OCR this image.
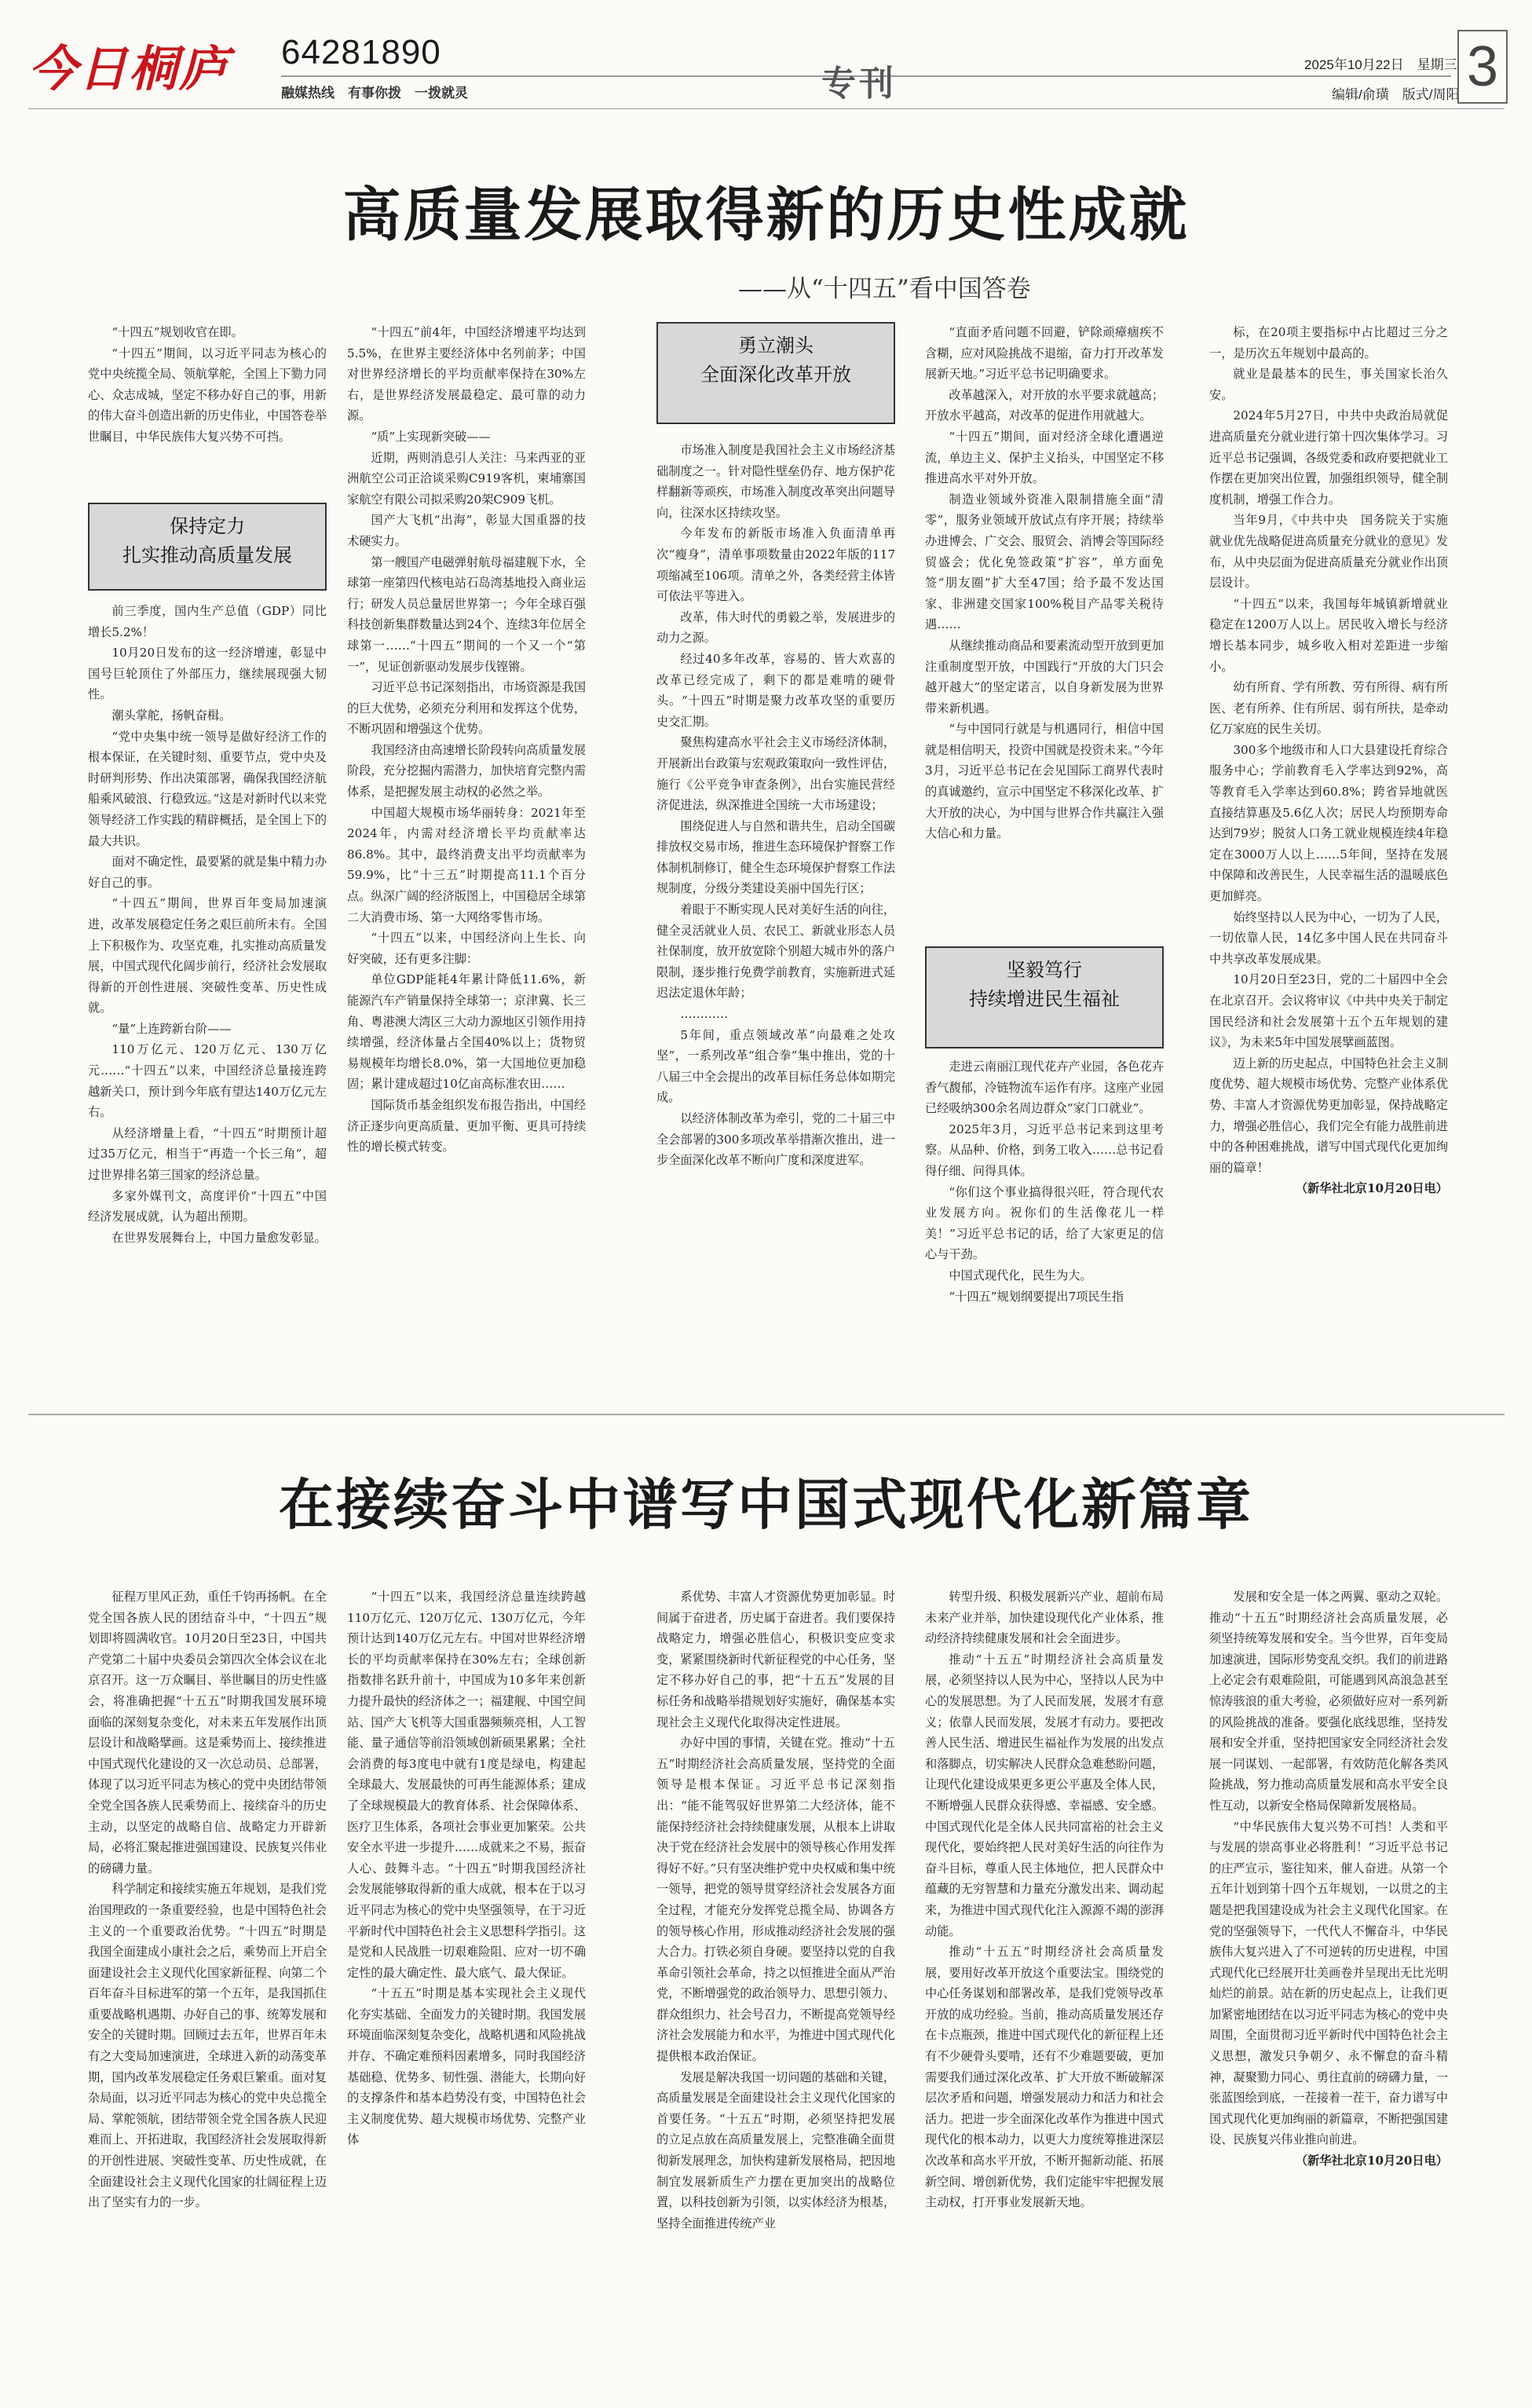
今日桐庐 64281890
融媒热线　有事你拨　一拨就灵	专刊	2025年10月22日　星期三
编辑/俞璜　版式/周阳 3
高质量发展取得新的历史性成就
——从“十四五”看中国答卷

“十四五”规划收官在即。

“十四五”期间，以习近平同志为核心的党中央统揽全局、领航掌舵，全国上下勠力同心、众志成城，坚定不移办好自己的事，用新的伟大奋斗创造出新的历史伟业，中国答卷举世瞩目，中华民族伟大复兴势不可挡。

保持定力
扎实推动高质量发展

前三季度，国内生产总值（GDP）同比增长5.2%！

10月20日发布的这一经济增速，彰显中国号巨轮顶住了外部压力，继续展现强大韧性。

潮头掌舵，扬帆奋楫。

“党中央集中统一领导是做好经济工作的根本保证，在关键时刻、重要节点，党中央及时研判形势、作出决策部署，确保我国经济航船乘风破浪、行稳致远。”这是对新时代以来党领导经济工作实践的精辟概括，是全国上下的最大共识。

面对不确定性，最要紧的就是集中精力办好自己的事。

“十四五”期间，世界百年变局加速演进，改革发展稳定任务之艰巨前所未有。全国上下积极作为、攻坚克难，扎实推动高质量发展，中国式现代化阔步前行，经济社会发展取得新的开创性进展、突破性变革、历史性成就。

“量”上连跨新台阶——

110万亿元、120万亿元、130万亿元……“十四五”以来，中国经济总量接连跨越新关口，预计到今年底有望达140万亿元左右。

从经济增量上看，“十四五”时期预计超过35万亿元，相当于“再造一个长三角”，超过世界排名第三国家的经济总量。

多家外媒刊文，高度评价“十四五”中国经济发展成就，认为超出预期。

在世界发展舞台上，中国力量愈发彰显。

“十四五”前4年，中国经济增速平均达到5.5%，在世界主要经济体中名列前茅；中国对世界经济增长的平均贡献率保持在30%左右，是世界经济发展最稳定、最可靠的动力源。

“质”上实现新突破——

近期，两则消息引人关注：马来西亚的亚洲航空公司正洽谈采购C919客机，柬埔寨国家航空有限公司拟采购20架C909飞机。

国产大飞机“出海”，彰显大国重器的技术硬实力。

第一艘国产电磁弹射航母福建舰下水，全球第一座第四代核电站石岛湾基地投入商业运行；研发人员总量居世界第一；今年全球百强科技创新集群数量达到24个、连续3年位居全球第一……“十四五”期间的一个又一个“第一”，见证创新驱动发展步伐铿锵。

习近平总书记深刻指出，市场资源是我国的巨大优势，必须充分利用和发挥这个优势，不断巩固和增强这个优势。

我国经济由高速增长阶段转向高质量发展阶段，充分挖掘内需潜力，加快培育完整内需体系，是把握发展主动权的必然之举。

中国超大规模市场华丽转身：2021年至2024年，内需对经济增长平均贡献率达86.8%。其中，最终消费支出平均贡献率为59.9%，比“十三五”时期提高11.1个百分点。纵深广阔的经济版图上，中国稳居全球第二大消费市场、第一大网络零售市场。

“十四五”以来，中国经济向上生长、向好突破，还有更多注脚：

单位GDP能耗4年累计降低11.6%，新能源汽车产销量保持全球第一；京津冀、长三角、粤港澳大湾区三大动力源地区引领作用持续增强，经济体量占全国40%以上；货物贸易规模年均增长8.0%，第一大国地位更加稳固；累计建成超过10亿亩高标准农田……

国际货币基金组织发布报告指出，中国经济正逐步向更高质量、更加平衡、更具可持续性的增长模式转变。

勇立潮头
全面深化改革开放

市场准入制度是我国社会主义市场经济基础制度之一。针对隐性壁垒仍存、地方保护花样翻新等顽疾，市场准入制度改革突出问题导向，往深水区持续攻坚。

今年发布的新版市场准入负面清单再次“瘦身”，清单事项数量由2022年版的117项缩减至106项。清单之外，各类经营主体皆可依法平等进入。

改革，伟大时代的勇毅之举，发展进步的动力之源。

经过40多年改革，容易的、皆大欢喜的改革已经完成了，剩下的都是难啃的硬骨头。“十四五”时期是聚力改革攻坚的重要历史交汇期。

聚焦构建高水平社会主义市场经济体制，开展新出台政策与宏观政策取向一致性评估，施行《公平竞争审查条例》，出台实施民营经济促进法，纵深推进全国统一大市场建设；

围绕促进人与自然和谐共生，启动全国碳排放权交易市场，推进生态环境保护督察工作体制机制修订，健全生态环境保护督察工作法规制度，分级分类建设美丽中国先行区；

着眼于不断实现人民对美好生活的向往，健全灵活就业人员、农民工、新就业形态人员社保制度，放开放宽除个别超大城市外的落户限制，逐步推行免费学前教育，实施新进式延迟法定退休年龄；

…………

5年间，重点领域改革“向最难之处攻坚”，一系列改革“组合拳”集中推出，党的十八届三中全会提出的改革目标任务总体如期完成。

以经济体制改革为牵引，党的二十届三中全会部署的300多项改革举措渐次推出，进一步全面深化改革不断向广度和深度进军。

“直面矛盾问题不回避，铲除顽瘴痼疾不含糊，应对风险挑战不退缩，奋力打开改革发展新天地。”习近平总书记明确要求。

改革越深入，对开放的水平要求就越高；开放水平越高，对改革的促进作用就越大。

“十四五”期间，面对经济全球化遭遇逆流，单边主义、保护主义抬头，中国坚定不移推进高水平对外开放。

制造业领域外资准入限制措施全面“清零”，服务业领域开放试点有序开展；持续举办进博会、广交会、服贸会、消博会等国际经贸盛会；优化免签政策“扩容”，单方面免签“朋友圈”扩大至47国；给予最不发达国家、非洲建交国家100%税目产品零关税待遇……

从继续推动商品和要素流动型开放到更加注重制度型开放，中国践行“开放的大门只会越开越大”的坚定诺言，以自身新发展为世界带来新机遇。

“与中国同行就是与机遇同行，相信中国就是相信明天，投资中国就是投资未来。”今年3月，习近平总书记在会见国际工商界代表时的真诚邀约，宣示中国坚定不移深化改革、扩大开放的决心，为中国与世界合作共赢注入强大信心和力量。

坚毅笃行
持续增进民生福祉

走进云南丽江现代花卉产业园，各色花卉香气馥郁，冷链物流车运作有序。这座产业园已经吸纳300余名周边群众“家门口就业”。

2025年3月，习近平总书记来到这里考察。从品种、价格，到务工收入……总书记看得仔细、问得具体。

“你们这个事业搞得很兴旺，符合现代农业发展方向。祝你们的生活像花儿一样美！”习近平总书记的话，给了大家更足的信心与干劲。

中国式现代化，民生为大。

“十四五”规划纲要提出7项民生指

标，在20项主要指标中占比超过三分之一，是历次五年规划中最高的。

就业是最基本的民生，事关国家长治久安。

2024年5月27日，中共中央政治局就促进高质量充分就业进行第十四次集体学习。习近平总书记强调，各级党委和政府要把就业工作摆在更加突出位置，加强组织领导，健全制度机制，增强工作合力。

当年9月，《中共中央　国务院关于实施就业优先战略促进高质量充分就业的意见》发布，从中央层面为促进高质量充分就业作出顶层设计。

“十四五”以来，我国每年城镇新增就业稳定在1200万人以上。居民收入增长与经济增长基本同步，城乡收入相对差距进一步缩小。

幼有所育、学有所教、劳有所得、病有所医、老有所养、住有所居、弱有所扶，是牵动亿万家庭的民生关切。

300多个地级市和人口大县建设托育综合服务中心；学前教育毛入学率达到92%，高等教育毛入学率达到60.8%；跨省异地就医直接结算惠及5.6亿人次；居民人均预期寿命达到79岁；脱贫人口务工就业规模连续4年稳定在3000万人以上……5年间，坚持在发展中保障和改善民生，人民幸福生活的温暖底色更加鲜亮。

始终坚持以人民为中心，一切为了人民，一切依靠人民，14亿多中国人民在共同奋斗中共享改革发展成果。

10月20日至23日，党的二十届四中全会在北京召开。会议将审议《中共中央关于制定国民经济和社会发展第十五个五年规划的建议》，为未来5年中国发展擘画蓝图。

迈上新的历史起点，中国特色社会主义制度优势、超大规模市场优势、完整产业体系优势、丰富人才资源优势更加彰显，保持战略定力，增强必胜信心，我们完全有能力战胜前进中的各种困难挑战，谱写中国式现代化更加绚丽的篇章！

（新华社北京10月20日电）

在接续奋斗中谱写中国式现代化新篇章

征程万里风正劲，重任千钧再扬帆。在全党全国各族人民的团结奋斗中，“十四五”规划即将圆满收官。10月20日至23日，中国共产党第二十届中央委员会第四次全体会议在北京召开。这一万众瞩目、举世瞩目的历史性盛会，将准确把握“十五五”时期我国发展环境面临的深刻复杂变化，对未来五年发展作出顶层设计和战略擘画。这是乘势而上、接续推进中国式现代化建设的又一次总动员、总部署，体现了以习近平同志为核心的党中央团结带领全党全国各族人民乘势而上、接续奋斗的历史主动，以坚定的战略自信、战略定力开辟新局，必将汇聚起推进强国建设、民族复兴伟业的磅礴力量。

科学制定和接续实施五年规划，是我们党治国理政的一条重要经验，也是中国特色社会主义的一个重要政治优势。“十四五”时期是我国全面建成小康社会之后，乘势而上开启全面建设社会主义现代化国家新征程、向第二个百年奋斗目标进军的第一个五年，是我国抓住重要战略机遇期、办好自己的事、统筹发展和安全的关键时期。回顾过去五年，世界百年未有之大变局加速演进，全球进入新的动荡变革期，国内改革发展稳定任务艰巨繁重。面对复杂局面，以习近平同志为核心的党中央总揽全局、掌舵领航，团结带领全党全国各族人民迎难而上、开拓进取，我国经济社会发展取得新的开创性进展、突破性变革、历史性成就，在全面建设社会主义现代化国家的壮阔征程上迈出了坚实有力的一步。

“十四五”以来，我国经济总量连续跨越110万亿元、120万亿元、130万亿元，今年预计达到140万亿元左右。中国对世界经济增长的平均贡献率保持在30%左右；全球创新指数排名跃升前十，中国成为10多年来创新力提升最快的经济体之一；福建舰、中国空间站、国产大飞机等大国重器频频亮相，人工智能、量子通信等前沿领域创新硕果累累；全社会消费的每3度电中就有1度是绿电，构建起全球最大、发展最快的可再生能源体系；建成了全球规模最大的教育体系、社会保障体系、医疗卫生体系，各项社会事业更加繁荣。公共安全水平进一步提升……成就来之不易，振奋人心、鼓舞斗志。“十四五”时期我国经济社会发展能够取得新的重大成就，根本在于以习近平同志为核心的党中央坚强领导，在于习近平新时代中国特色社会主义思想科学指引。这是党和人民战胜一切艰难险阻、应对一切不确定性的最大确定性、最大底气、最大保证。

“十五五”时期是基本实现社会主义现代化夯实基础、全面发力的关键时期。我国发展环境面临深刻复杂变化，战略机遇和风险挑战并存、不确定难预料因素增多，同时我国经济基础稳、优势多、韧性强、潜能大，长期向好的支撑条件和基本趋势没有变，中国特色社会主义制度优势、超大规模市场优势、完整产业体

系优势、丰富人才资源优势更加彰显。时间属于奋进者，历史属于奋进者。我们要保持战略定力，增强必胜信心，积极识变应变求变，紧紧围绕新时代新征程党的中心任务，坚定不移办好自己的事，把“十五五”发展的目标任务和战略举措规划好实施好，确保基本实现社会主义现代化取得决定性进展。

办好中国的事情，关键在党。推动“十五五”时期经济社会高质量发展，坚持党的全面领导是根本保证。习近平总书记深刻指出：“能不能驾驭好世界第二大经济体，能不能保持经济社会持续健康发展，从根本上讲取决于党在经济社会发展中的领导核心作用发挥得好不好。”只有坚决维护党中央权威和集中统一领导，把党的领导贯穿经济社会发展各方面全过程，才能充分发挥党总揽全局、协调各方的领导核心作用，形成推动经济社会发展的强大合力。打铁必须自身硬。要坚持以党的自我革命引领社会革命，持之以恒推进全面从严治党，不断增强党的政治领导力、思想引领力、群众组织力、社会号召力，不断提高党领导经济社会发展能力和水平，为推进中国式现代化提供根本政治保证。

发展是解决我国一切问题的基础和关键，高质量发展是全面建设社会主义现代化国家的首要任务。“十五五”时期，必须坚持把发展的立足点放在高质量发展上，完整准确全面贯彻新发展理念，加快构建新发展格局，把因地制宜发展新质生产力摆在更加突出的战略位置，以科技创新为引领，以实体经济为根基，坚持全面推进传统产业

转型升级、积极发展新兴产业、超前布局未来产业并举，加快建设现代化产业体系，推动经济持续健康发展和社会全面进步。

推动“十五五”时期经济社会高质量发展，必须坚持以人民为中心，坚持以人民为中心的发展思想。为了人民而发展，发展才有意义；依靠人民而发展，发展才有动力。要把改善人民生活、增进民生福祉作为发展的出发点和落脚点，切实解决人民群众急难愁盼问题，让现代化建设成果更多更公平惠及全体人民，不断增强人民群众获得感、幸福感、安全感。中国式现代化是全体人民共同富裕的社会主义现代化，要始终把人民对美好生活的向往作为奋斗目标，尊重人民主体地位，把人民群众中蕴藏的无穷智慧和力量充分激发出来、调动起来，为推进中国式现代化注入源源不竭的澎湃动能。

推动“十五五”时期经济社会高质量发展，要用好改革开放这个重要法宝。围绕党的中心任务谋划和部署改革，是我们党领导改革开放的成功经验。当前，推动高质量发展还存在卡点瓶颈，推进中国式现代化的新征程上还有不少硬骨头要啃，还有不少难题要破，更加需要我们通过深化改革、扩大开放不断破解深层次矛盾和问题，增强发展动力和活力和社会活力。把进一步全面深化改革作为推进中国式现代化的根本动力，以更大力度统筹推进深层次改革和高水平开放，不断开掘新动能、拓展新空间、增创新优势，我们定能牢牢把握发展主动权，打开事业发展新天地。

发展和安全是一体之两翼、驱动之双轮。推动“十五五”时期经济社会高质量发展，必须坚持统筹发展和安全。当今世界，百年变局加速演进，国际形势变乱交织。我们的前进路上必定会有艰难险阻，可能遇到风高浪急甚至惊涛骇浪的重大考验，必须做好应对一系列新的风险挑战的准备。要强化底线思维，坚持发展和安全并重，坚持把国家安全同经济社会发展一同谋划、一起部署，有效防范化解各类风险挑战，努力推动高质量发展和高水平安全良性互动，以新安全格局保障新发展格局。

“中华民族伟大复兴势不可挡！人类和平与发展的崇高事业必将胜利！”习近平总书记的庄严宣示，鉴往知来，催人奋进。从第一个五年计划到第十四个五年规划，一以贯之的主题是把我国建设成为社会主义现代化国家。在党的坚强领导下，一代代人不懈奋斗，中华民族伟大复兴进入了不可逆转的历史进程，中国式现代化已经展开壮美画卷并呈现出无比光明灿烂的前景。站在新的历史起点上，让我们更加紧密地团结在以习近平同志为核心的党中央周围，全面贯彻习近平新时代中国特色社会主义思想，激发只争朝夕、永不懈怠的奋斗精神，凝聚勠力同心、勇往直前的磅礴力量，一张蓝图绘到底，一茬接着一茬干，奋力谱写中国式现代化更加绚丽的新篇章，不断把强国建设、民族复兴伟业推向前进。

（新华社北京10月20日电）
